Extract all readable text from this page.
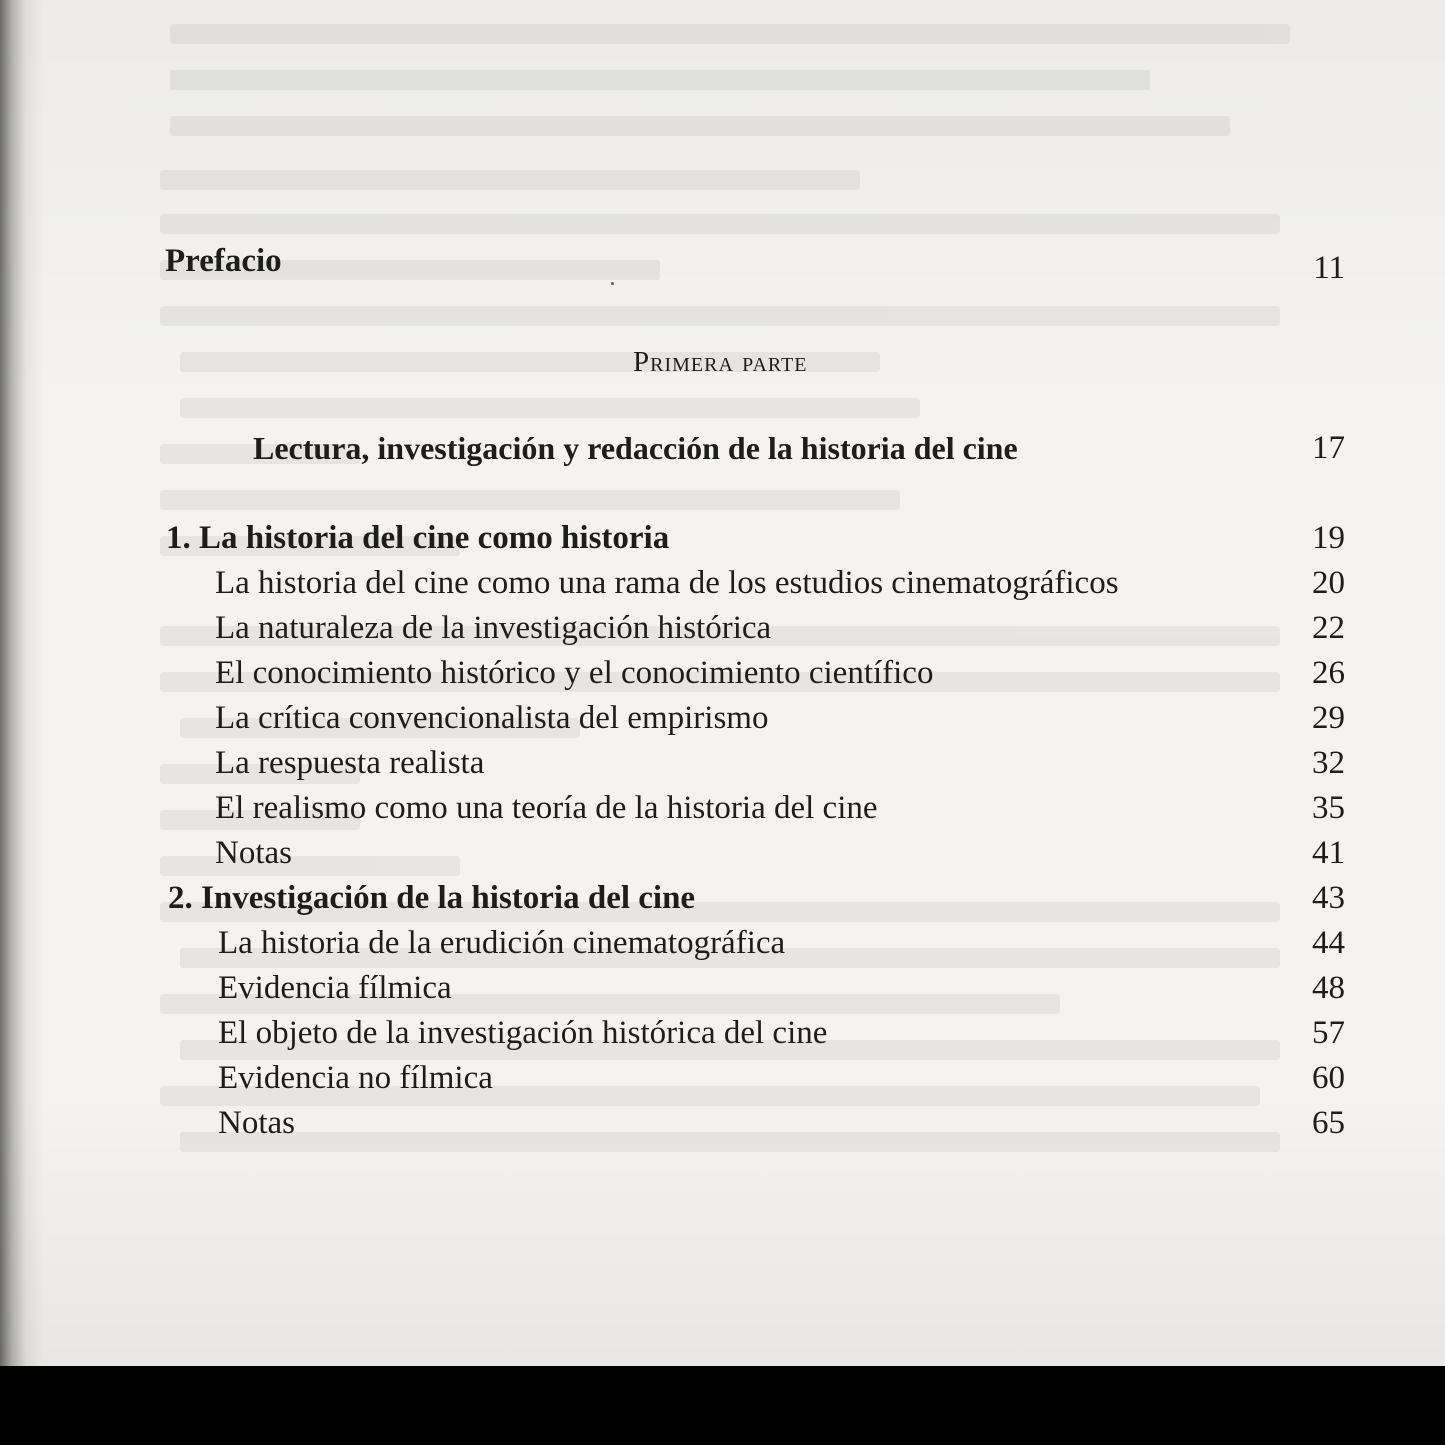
Prefacio	11
Primera parte
Lectura, investigación y redacción de la historia del cine	17
1. La historia del cine como historia	19
La historia del cine como una rama de los estudios cinematográficos	20
La naturaleza de la investigación histórica	22
El conocimiento histórico y el conocimiento científico	26
La crítica convencionalista del empirismo	29
La respuesta realista	32
El realismo como una teoría de la historia del cine	35
Notas	41
2. Investigación de la historia del cine	43
La historia de la erudición cinematográfica	44
Evidencia fílmica	48
El objeto de la investigación histórica del cine	57
Evidencia no fílmica	60
Notas	65
